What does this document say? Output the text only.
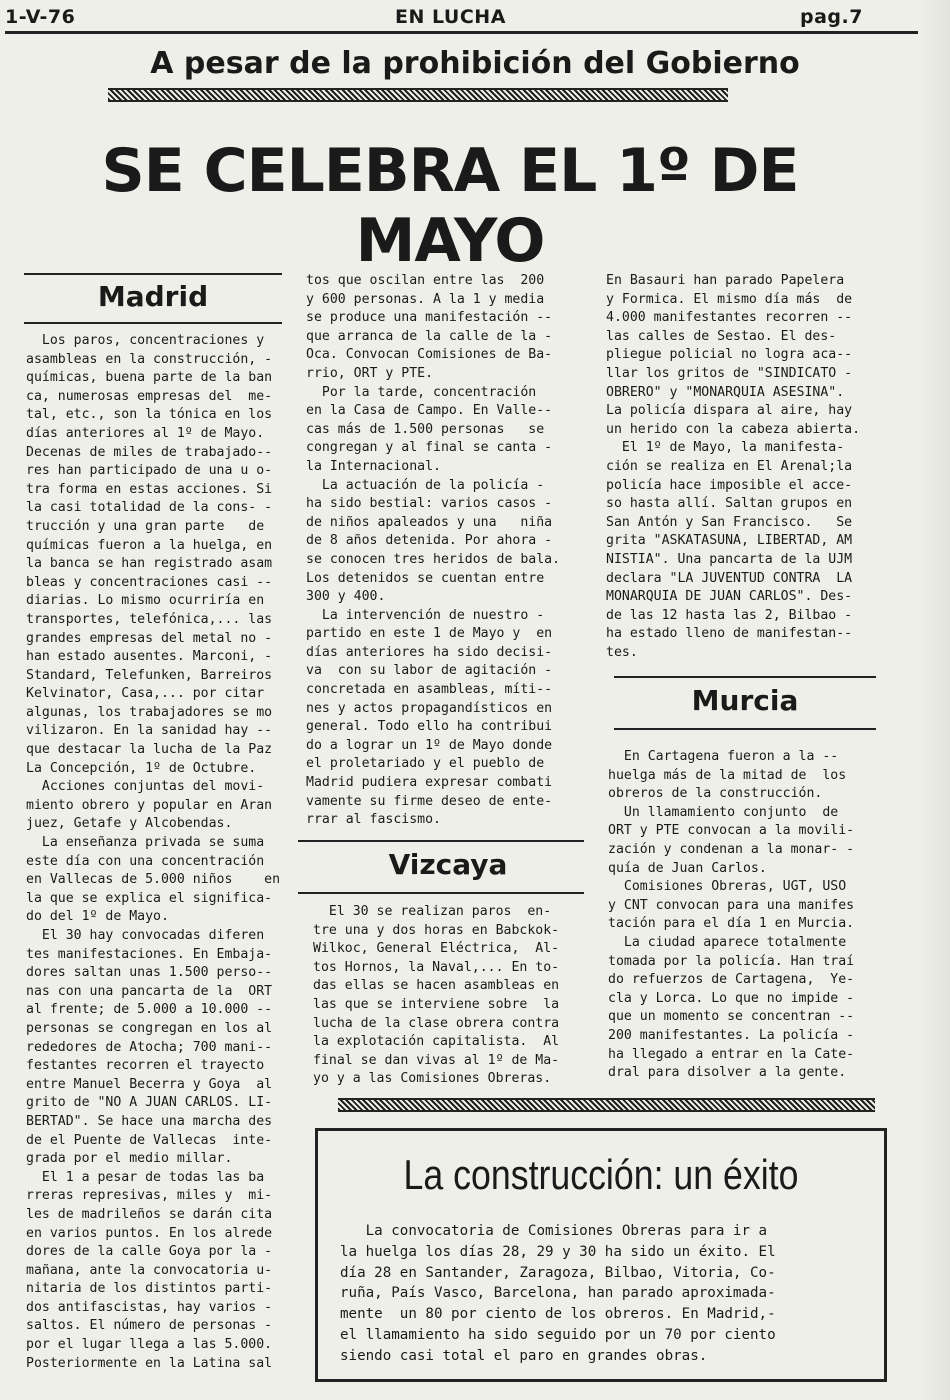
1-V-76	EN LUCHA	pag.7
A pesar de la prohibición del Gobierno
SE CELEBRA EL 1º DE MAYO
Madrid
Los paros, concentraciones y
asambleas en la construcción, -
químicas, buena parte de la ban
ca, numerosas empresas del  me-
tal, etc., son la tónica en los
días anteriores al 1º de Mayo.
Decenas de miles de trabajado--
res han participado de una u o-
tra forma en estas acciones. Si
la casi totalidad de la cons- -
trucción y una gran parte   de
químicas fueron a la huelga, en
la banca se han registrado asam
bleas y concentraciones casi --
diarias. Lo mismo ocurriría en
transportes, telefónica,... las
grandes empresas del metal no -
han estado ausentes. Marconi, -
Standard, Telefunken, Barreiros
Kelvinator, Casa,... por citar
algunas, los trabajadores se mo
vilizaron. En la sanidad hay --
que destacar la lucha de la Paz
La Concepción, 1º de Octubre.
Acciones conjuntas del movi-
miento obrero y popular en Aran
juez, Getafe y Alcobendas.
La enseñanza privada se suma
este día con una concentración
en Vallecas de 5.000 niños    en
la que se explica el significa-
do del 1º de Mayo.
El 30 hay convocadas diferen
tes manifestaciones. En Embaja-
dores saltan unas 1.500 perso--
nas con una pancarta de la  ORT
al frente; de 5.000 a 10.000 --
personas se congregan en los al
rededores de Atocha; 700 mani--
festantes recorren el trayecto
entre Manuel Becerra y Goya  al
grito de "NO A JUAN CARLOS. LI-
BERTAD". Se hace una marcha des
de el Puente de Vallecas  inte-
grada por el medio millar.
El 1 a pesar de todas las ba
rreras represivas, miles y  mi-
les de madrileños se darán cita
en varios puntos. En los alrede
dores de la calle Goya por la -
mañana, ante la convocatoria u-
nitaria de los distintos parti-
dos antifascistas, hay varios -
saltos. El número de personas -
por el lugar llega a las 5.000.
Posteriormente en la Latina sal
tos que oscilan entre las  200
y 600 personas. A la 1 y media
se produce una manifestación --
que arranca de la calle de la -
Oca. Convocan Comisiones de Ba-
rrio, ORT y PTE.
Por la tarde, concentración
en la Casa de Campo. En Valle--
cas más de 1.500 personas   se
congregan y al final se canta -
la Internacional.
La actuación de la policía -
ha sido bestial: varios casos -
de niños apaleados y una   niña
de 8 años detenida. Por ahora -
se conocen tres heridos de bala.
Los detenidos se cuentan entre
300 y 400.
La intervención de nuestro -
partido en este 1 de Mayo y  en
días anteriores ha sido decisi-
va  con su labor de agitación -
concretada en asambleas, míti--
nes y actos propagandísticos en
general. Todo ello ha contribui
do a lograr un 1º de Mayo donde
el proletariado y el pueblo de
Madrid pudiera expresar combati
vamente su firme deseo de ente-
rrar al fascismo.
Vizcaya
El 30 se realizan paros  en-
tre una y dos horas en Babckok-
Wilkoc, General Eléctrica,  Al-
tos Hornos, la Naval,... En to-
das ellas se hacen asambleas en
las que se interviene sobre  la
lucha de la clase obrera contra
la explotación capitalista.  Al
final se dan vivas al 1º de Ma-
yo y a las Comisiones Obreras.
En Basauri han parado Papelera
y Formica. El mismo día más  de
4.000 manifestantes recorren --
las calles de Sestao. El des-
pliegue policial no logra aca--
llar los gritos de "SINDICATO -
OBRERO" y "MONARQUIA ASESINA".
La policía dispara al aire, hay
un herido con la cabeza abierta.
El 1º de Mayo, la manifesta-
ción se realiza en El Arenal;la
policía hace imposible el acce-
so hasta allí. Saltan grupos en
San Antón y San Francisco.   Se
grita "ASKATASUNA, LIBERTAD, AM
NISTIA". Una pancarta de la UJM
declara "LA JUVENTUD CONTRA  LA
MONARQUIA DE JUAN CARLOS". Des-
de las 12 hasta las 2, Bilbao -
ha estado lleno de manifestan--
tes.
Murcia
En Cartagena fueron a la --
huelga más de la mitad de  los
obreros de la construcción.
Un llamamiento conjunto  de
ORT y PTE convocan a la movili-
zación y condenan a la monar- -
quía de Juan Carlos.
Comisiones Obreras, UGT, USO
y CNT convocan para una manifes
tación para el día 1 en Murcia.
La ciudad aparece totalmente
tomada por la policía. Han traí
do refuerzos de Cartagena,  Ye-
cla y Lorca. Lo que no impide -
que un momento se concentran --
200 manifestantes. La policía -
ha llegado a entrar en la Cate-
dral para disolver a la gente.
La construcción: un éxito
La convocatoria de Comisiones Obreras para ir a
la huelga los días 28, 29 y 30 ha sido un éxito. El
día 28 en Santander, Zaragoza, Bilbao, Vitoria, Co-
ruña, País Vasco, Barcelona, han parado aproximada-
mente  un 80 por ciento de los obreros. En Madrid,-
el llamamiento ha sido seguido por un 70 por ciento
siendo casi total el paro en grandes obras.
